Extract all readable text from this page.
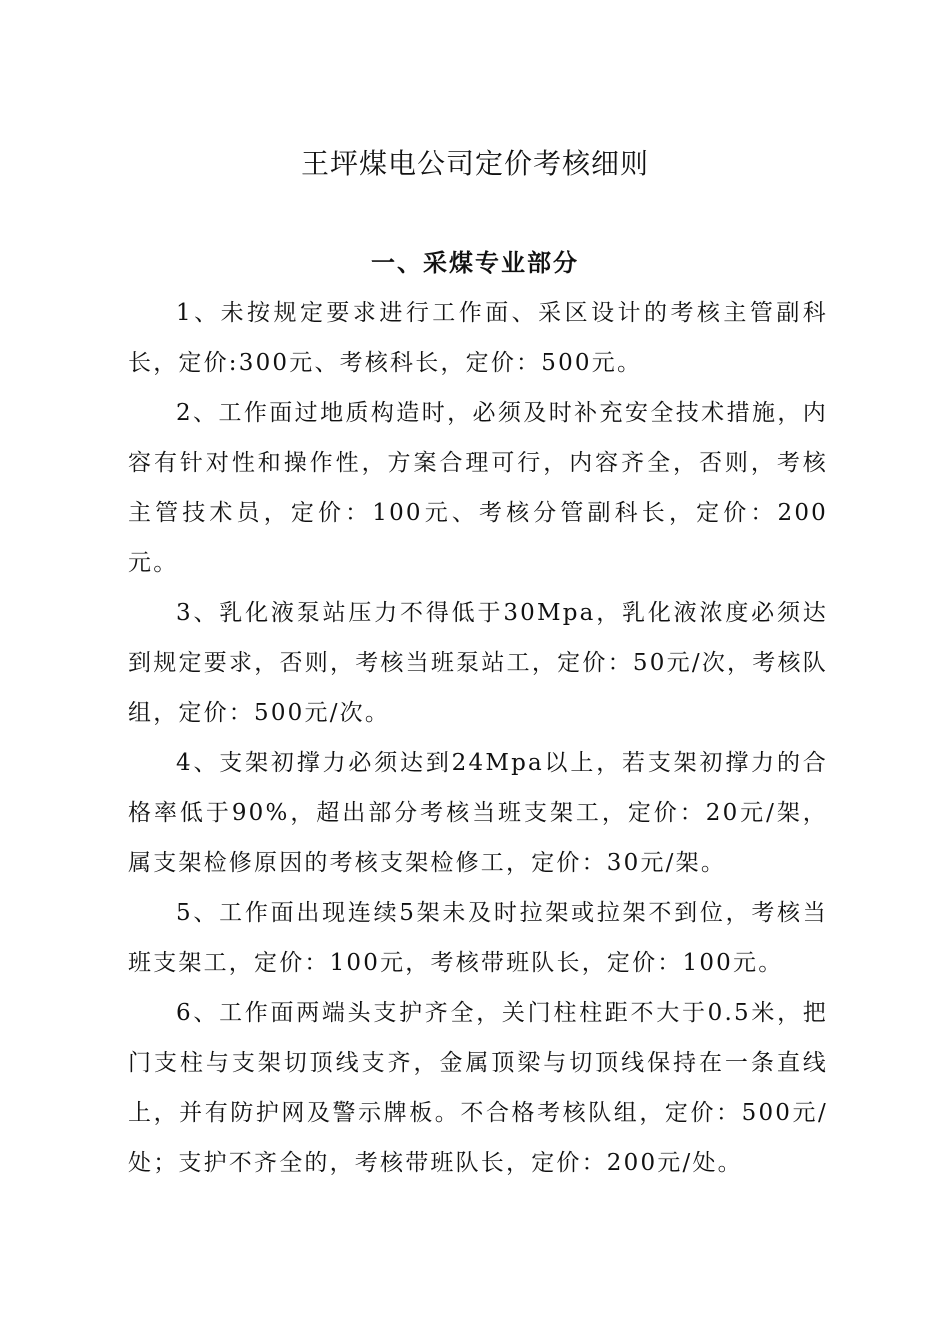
王坪煤电公司定价考核细则
一、采煤专业部分

1、未按规定要求进行工作面、采区设计的考核主管副科长，定价:300元、考核科长，定价：500元。

2、工作面过地质构造时，必须及时补充安全技术措施，内容有针对性和操作性，方案合理可行，内容齐全，否则，考核主管技术员，定价：100元、考核分管副科长，定价：200元。

3、乳化液泵站压力不得低于30Mpa，乳化液浓度必须达到规定要求，否则，考核当班泵站工，定价：50元/次，考核队组，定价：500元/次。

4、支架初撑力必须达到24Mpa以上，若支架初撑力的合格率低于90%，超出部分考核当班支架工，定价：20元/架，属支架检修原因的考核支架检修工，定价：30元/架。

5、工作面出现连续5架未及时拉架或拉架不到位，考核当班支架工，定价：100元，考核带班队长，定价：100元。

6、工作面两端头支护齐全，关门柱柱距不大于0.5米，把门支柱与支架切顶线支齐，金属顶梁与切顶线保持在一条直线上，并有防护网及警示牌板。不合格考核队组，定价：500元/处；支护不齐全的，考核带班队长，定价：200元/处。
